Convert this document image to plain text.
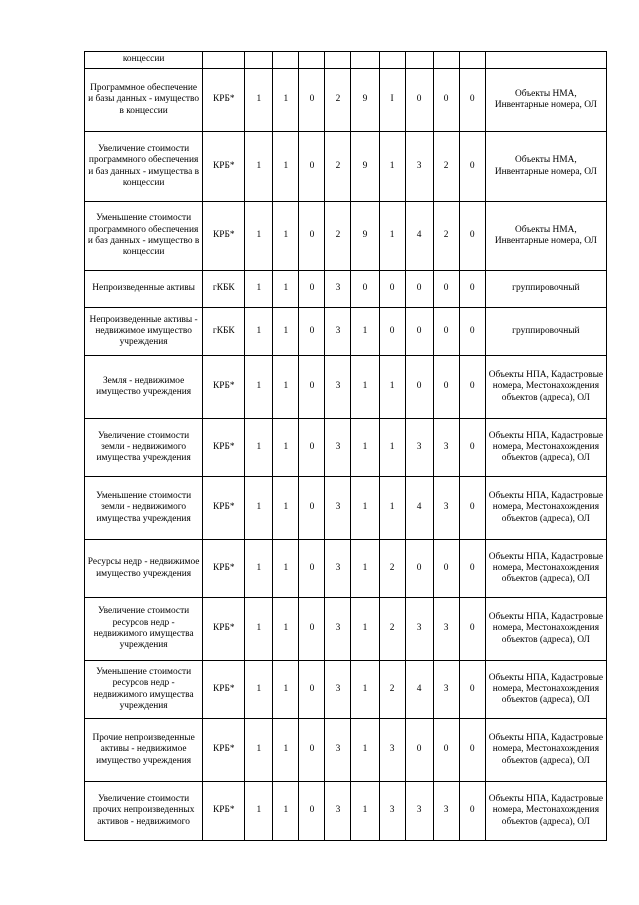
концессии											
Программное обеспечение и базы данных - имущество в концессии	КРБ*	1	1	0	2	9	I	0	0	0	Объекты НМА, Инвентарные номера, ОЛ
Увеличение стоимости программного обеспечения и баз данных - имущества в концессии	КРБ*	1	1	0	2	9	1	3	2	0	Объекты НМА, Инвентарные номера, ОЛ
Уменьшение стоимости программного обеспечения и баз данных - имущество в концессии	КРБ*	1	1	0	2	9	1	4	2	0	Объекты НМА, Инвентарные номера, ОЛ
Непроизведенные активы	гКБК	1	1	0	3	0	0	0	0	0	группировочный
Непроизведенные активы - недвижимое имущество учреждения	гКБК	1	1	0	3	1	0	0	0	0	группировочный
Земля - недвижимое имущество учреждения	КРБ*	1	1	0	3	1	1	0	0	0	Объекты НПА, Кадастровые номера, Местонахождения объектов (адреса), ОЛ
Увеличение стоимости земли - недвижимого имущества учреждения	КРБ*	1	1	0	3	1	1	3	3	0	Объекты НПА, Кадастровые номера, Местонахождения объектов (адреса), ОЛ
Уменьшение стоимости земли - недвижимого имущества учреждения	КРБ*	1	1	0	3	1	1	4	3	0	Объекты НПА, Кадастровые номера, Местонахождения объектов (адреса), ОЛ
Ресурсы недр - недвижимое имущество учреждения	КРБ*	1	1	0	3	1	2	0	0	0	Объекты НПА, Кадастровые номера, Местонахождения объектов (адреса), ОЛ
Увеличение стоимости ресурсов недр - недвижимого имущества учреждения	КРБ*	1	1	0	3	1	2	3	3	0	Объекты НПА, Кадастровые номера, Местонахождения объектов (адреса), ОЛ
Уменьшение стоимости ресурсов недр - недвижимого имущества учреждения	КРБ*	1	1	0	3	1	2	4	3	0	Объекты НПА, Кадастровые номера, Местонахождения объектов (адреса), ОЛ
Прочие непроизведенные активы - недвижимое имущество учреждения	КРБ*	1	1	0	3	1	3	0	0	0	Объекты НПА, Кадастровые номера, Местонахождения объектов (адреса), ОЛ
Увеличение стоимости прочих непроизведенных активов - недвижимого	КРБ*	1	1	0	3	1	3	3	3	0	Объекты НПА, Кадастровые номера, Местонахождения объектов (адреса), ОЛ
